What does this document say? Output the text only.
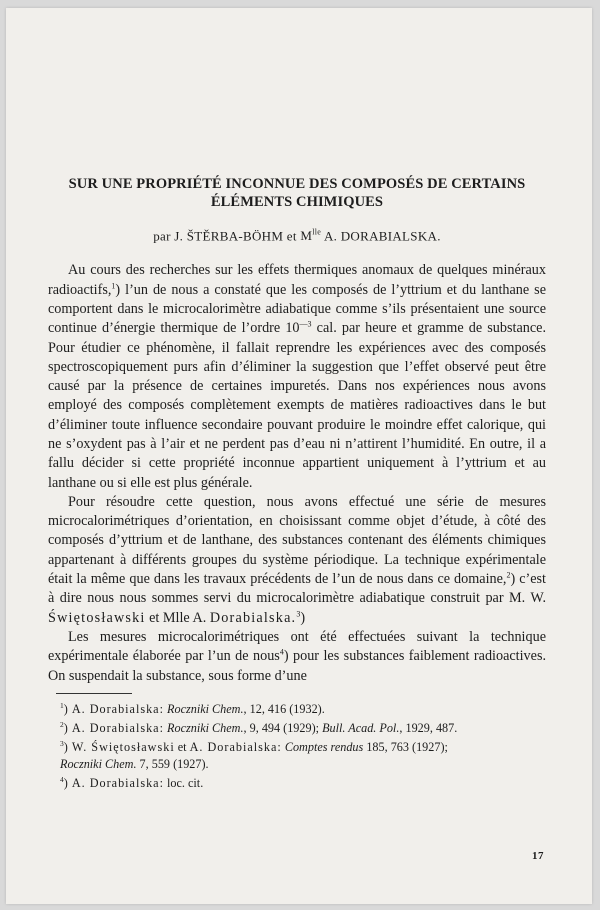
SUR UNE PROPRIÉTÉ INCONNUE DES COMPOSÉS DE CERTAINS
ÉLÉMENTS CHIMIQUES
par J. ŠTĚRBA-BÖHM et $M^{lle}$ A. DORABIALSKA.

Au cours des recherches sur les effets thermiques anomaux de quelques minéraux radioactifs,$^1$) l’un de nous a constaté que les composés de l’yttrium et du lanthane se comportent dans le microcalorimètre adiabatique comme s’ils présentaient une source continue d’énergie thermique de l’ordre $10^{—3}$ cal. par heure et gramme de substance. Pour étudier ce phénomène, il fallait reprendre les expériences avec des composés spectroscopiquement purs afin d’éliminer la suggestion que l’effet observé peut être causé par la présence de certaines impuretés. Dans nos expériences nous avons employé des composés complètement exempts de matières radioactives dans le but d’éliminer toute influence secondaire pouvant produire le moindre effet calorique, qui ne s’oxydent pas à l’air et ne perdent pas d’eau ni n’attirent l’humidité. En outre, il a fallu décider si cette propriété inconnue appartient uniquement à l’yttrium et au lanthane ou si elle est plus générale.

Pour résoudre cette question, nous avons effectué une série de mesures microcalorimétriques d’orientation, en choisissant comme objet d’étude, à côté des composés d’yttrium et de lanthane, des substances contenant des éléments chimiques appartenant à différents groupes du système périodique. La technique expérimentale était la même que dans les travaux précédents de l’un de nous dans ce domaine,$^2$) c’est à dire nous nous sommes servi du microcalorimètre adiabatique construit par M. W. Świętosławski et Mlle A. Dorabialska.$^3$)

Les mesures microcalorimétriques ont été effectuées suivant la technique expérimentale élaborée par l’un de nous$^4$) pour les substances faiblement radioactives. On suspendait la substance, sous forme d’une

$^1$) A. Dorabialska: Roczniki Chem., 12, 416 (1932).

$^2$) A. Dorabialska: Roczniki Chem., 9, 494 (1929); Bull. Acad. Pol., 1929, 487.

$^3$) W. Świętosławski et A. Dorabialska: Comptes rendus 185, 763 (1927);
Roczniki Chem. 7, 559 (1927).

$^4$) A. Dorabialska: loc. cit.

17
